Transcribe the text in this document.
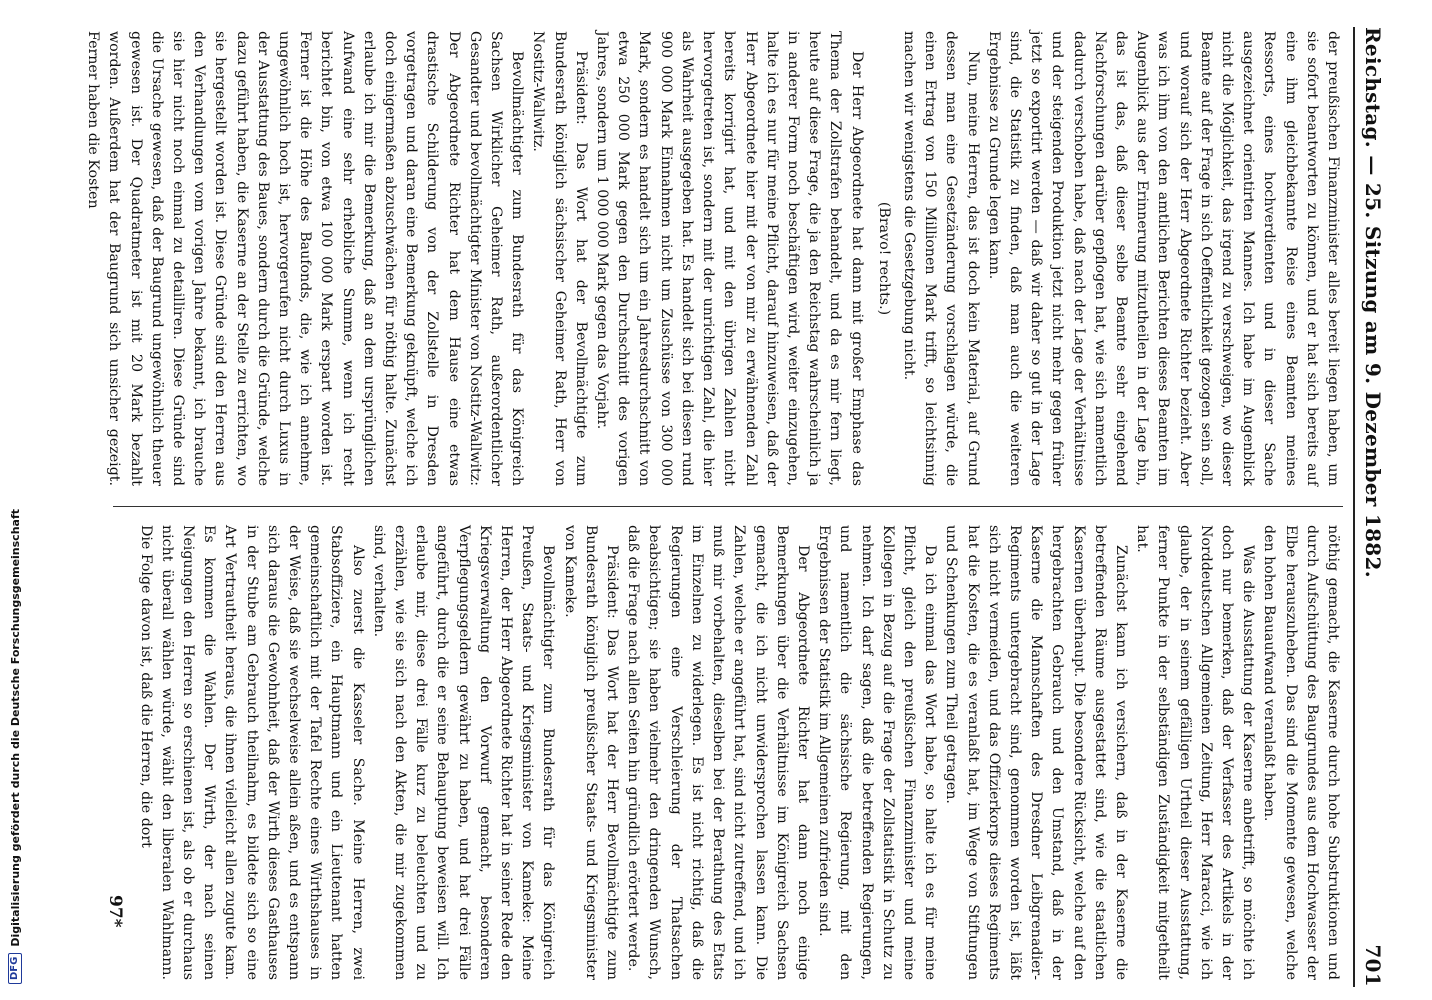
Reichstag. — 25. Sitzung am 9. Dezember 1882.
701

der preußischen Finanzminister alles bereit liegen haben, um sie sofort beantworten zu können, und er hat sich bereits auf eine ihm gleichbekannte Reise eines Beamten meines Ressorts, eines hochverdienten und in dieser Sache ausgezeichnet orientirten Mannes. Ich habe im Augenblick nicht die Möglichkeit, das irgend zu verschweigen, wo dieser Beamte auf der Frage in sich Oeffentlichkeit gezogen sein soll, und worauf sich der Herr Abgeordnete Richter bezieht. Aber was ich ihm von den amtlichen Berichten dieses Beamten im Augenblick aus der Erinnerung mitzutheilen in der Lage bin, das ist das, daß dieser selbe Beamte sehr eingehend Nachforschungen darüber gepflogen hat, wie sich namentlich dadurch verschoben habe, daß nach der Lage der Verhältnisse und der steigenden Produktion jetzt nicht mehr gegen früher jetzt so exportirt werden — daß wir daher so gut in der Lage sind, die Statistik zu finden, daß man auch die weiteren Ergebnisse zu Grunde legen kann.

Nun, meine Herren, das ist doch kein Material, auf Grund dessen man eine Gesetzänderung vorschlagen würde, die einen Ertrag von 150 Millionen Mark trifft, so leichtsinnig machen wir wenigstens die Gesetzgebung nicht.

(Bravo! rechts.)

Der Herr Abgeordnete hat dann mit großer Emphase das Thema der Zollstrafen behandelt, und da es mir fern liegt, heute auf diese Frage, die ja den Reichstag wahrscheinlich ja in anderer Form noch beschäftigen wird, weiter einzugehen, halte ich es nur für meine Pflicht, darauf hinzuweisen, daß der Herr Abgeordnete hier mit der von mir zu erwähnenden Zahl bereits korrigirt hat, und mit den übrigen Zahlen nicht hervorgetreten ist, sondern mit der unrichtigen Zahl, die hier als Wahrheit ausgegeben hat. Es handelt sich bei diesen rund 900 000 Mark Einnahmen nicht um Zuschüsse von 300 000 Mark, sondern es handelt sich um ein Jahresdurchschnitt von etwa 250 000 Mark gegen den Durchschnitt des vorigen Jahres, sondern um 1 000 000 Mark gegen das Vorjahr.

Präsident: Das Wort hat der Bevollmächtigte zum Bundesrath königlich sächsischer Geheimer Rath, Herr von Nostitz-Wallwitz.

Bevollmächtigter zum Bundesrath für das Königreich Sachsen Wirklicher Geheimer Rath, außerordentlicher Gesandter und bevollmächtigter Minister von Nostitz-Wallwitz: Der Abgeordnete Richter hat dem Hause eine etwas drastische Schilderung von der Zollstelle in Dresden vorgetragen und daran eine Bemerkung geknüpft, welche ich doch einigermaßen abzuschwächen für nöthig halte. Zunächst erlaube ich mir die Bemerkung, daß an dem ursprünglichen Aufwand eine sehr erhebliche Summe, wenn ich recht berichtet bin, von etwa 100 000 Mark erspart worden ist. Ferner ist die Höhe des Baufonds, die, wie ich annehme, ungewöhnlich hoch ist, hervorgerufen nicht durch Luxus in der Ausstattung des Baues, sondern durch die Gründe, welche dazu geführt haben, die Kaserne an der Stelle zu errichten, wo sie hergestellt worden ist. Diese Gründe sind den Herren aus den Verhandlungen vom vorigen Jahre bekannt, ich brauche sie hier nicht noch einmal zu detailliren. Diese Gründe sind die Ursache gewesen, daß der Baugrund ungewöhnlich theuer gewesen ist. Der Quadratmeter ist mit 20 Mark bezahlt worden. Außerdem hat der Baugrund sich unsicher gezeigt. Ferner haben die Kosten

nöthig gemacht, die Kaserne durch hohe Substruktionen und durch Aufschüttung des Baugrundes aus dem Hochwasser der Elbe herauszuheben. Das sind die Momente gewesen, welche den hohen Bauaufwand veranlaßt haben.

Was die Ausstattung der Kaserne anbetrifft, so möchte ich doch nur bemerken, daß der Verfasser des Artikels in der Norddeutschen Allgemeinen Zeitung, Herr Maracci, wie ich glaube, der in seinem gefälligen Urtheil dieser Ausstattung, ferner Punkte in der selbständigen Zuständigkeit mitgetheilt hat.

Zunächst kann ich versichern, daß in der Kaserne die betreffenden Räume ausgestattet sind, wie die staatlichen Kasernen überhaupt. Die besondere Rücksicht, welche auf den hergebrachten Gebrauch und den Umstand, daß in der Kaserne die Mannschaften des Dresdner Leibgrenadier-Regiments untergebracht sind, genommen worden ist, läßt sich nicht vermeiden, und das Offizierkorps dieses Regiments hat die Kosten, die es veranlaßt hat, im Wege von Stiftungen und Schenkungen zum Theil getragen.

Da ich einmal das Wort habe, so halte ich es für meine Pflicht, gleich den preußischen Finanzminister und meine Kollegen in Bezug auf die Frage der Zollstatistik in Schutz zu nehmen. Ich darf sagen, daß die betreffenden Regierungen, und namentlich die sächsische Regierung, mit den Ergebnissen der Statistik im Allgemeinen zufrieden sind.

Der Abgeordnete Richter hat dann noch einige Bemerkungen über die Verhältnisse im Königreich Sachsen gemacht, die ich nicht unwidersprochen lassen kann. Die Zahlen, welche er angeführt hat, sind nicht zutreffend, und ich muß mir vorbehalten, dieselben bei der Berathung des Etats im Einzelnen zu widerlegen. Es ist nicht richtig, daß die Regierungen eine Verschleierung der Thatsachen beabsichtigen; sie haben vielmehr den dringenden Wunsch, daß die Frage nach allen Seiten hin gründlich erörtert werde.

Präsident: Das Wort hat der Herr Bevollmächtigte zum Bundesrath königlich preußischer Staats- und Kriegsminister von Kameke.

Bevollmächtigter zum Bundesrath für das Königreich Preußen, Staats- und Kriegsminister von Kameke: Meine Herren, der Herr Abgeordnete Richter hat in seiner Rede den Kriegsverwaltung den Vorwurf gemacht, besonderen Verpflegungsgeldern gewährt zu haben, und hat drei Fälle angeführt, durch die er seine Behauptung beweisen will. Ich erlaube mir, diese drei Fälle kurz zu beleuchten und zu erzählen, wie sie sich nach den Akten, die mir zugekommen sind, verhalten.

Also zuerst die Kasseler Sache. Meine Herren, zwei Stabsoffiziere, ein Hauptmann und ein Lieutenant hatten gemeinschaftlich mit der Tafel Rechte eines Wirthshauses in der Weise, daß sie wechselweise allein aßen, und es entspann sich daraus die Gewohnheit, daß der Wirth dieses Gasthauses in der Stube am Gebrauch theilnahm, es bildete sich so eine Art Vertrautheit heraus, die ihnen vielleicht allen zugute kam. Es kommen die Wahlen. Der Wirth, der nach seinen Neigungen den Herren so erschienen ist, als ob er durchaus nicht überall wählen würde, wählt den liberalen Wahlmann. Die Folge davon ist, daß die Herren, die dort

97*
DFG
Digitalisierung gefördert durch die Deutsche Forschungsgemeinschaft
